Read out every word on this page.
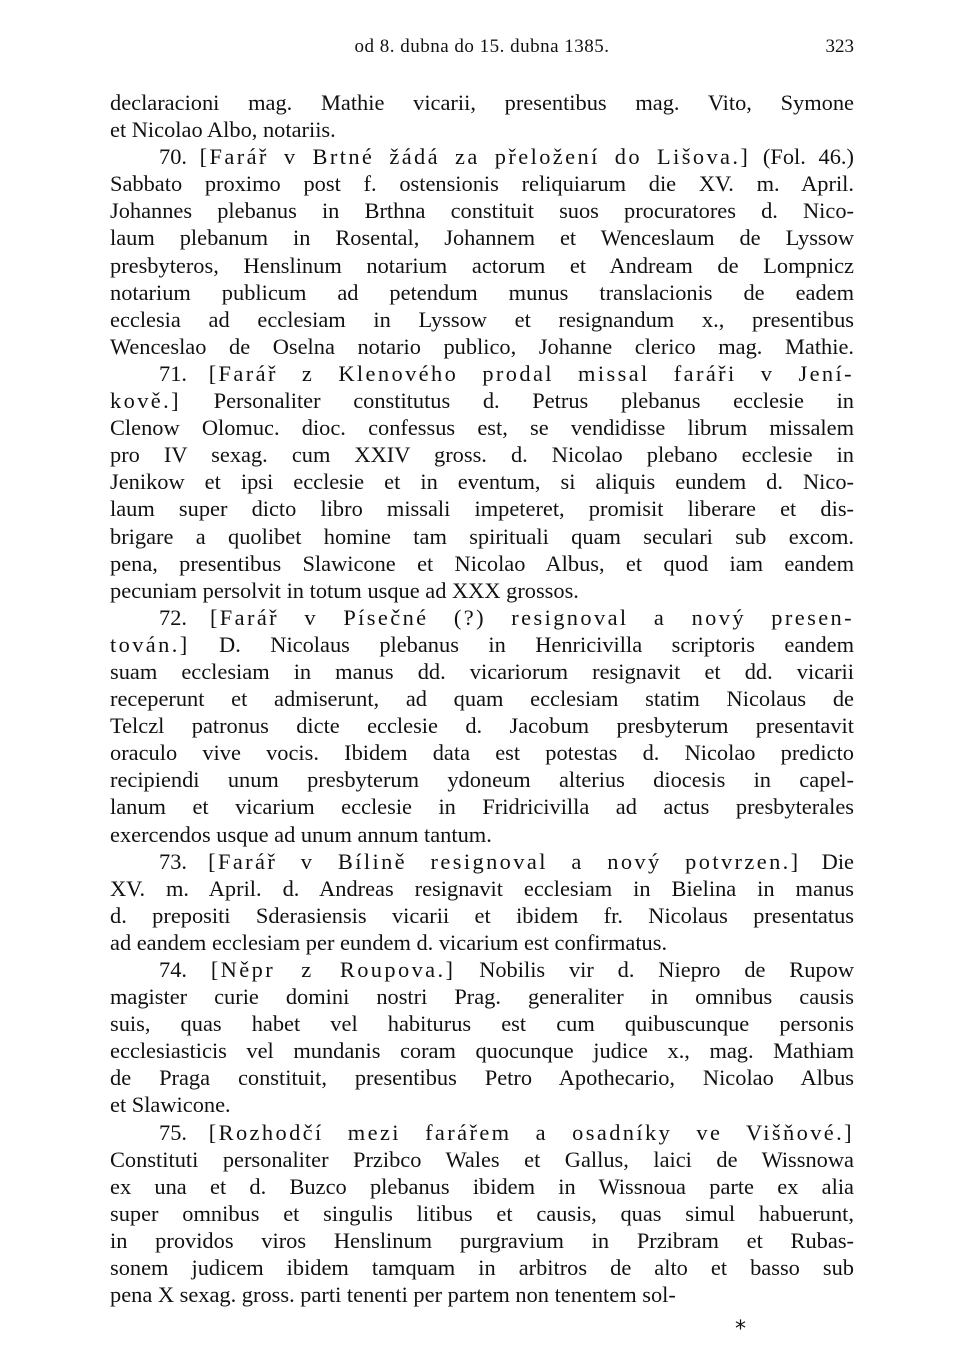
od 8. dubna do 15. dubna 1385.	323
declaracioni mag. Mathie vicarii, presentibus mag. Vito, Symone
et Nicolao Albo, notariis.
70. [Farář v Brtné žádá za přeložení do Lišova.] (Fol. 46.)
Sabbato proximo post f. ostensionis reliquiarum die XV. m. April.
Johannes plebanus in Brthna constituit suos procuratores d. Nico-
laum plebanum in Rosental, Johannem et Wenceslaum de Lyssow
presbyteros, Henslinum notarium actorum et Andream de Lompnicz
notarium publicum ad petendum munus translacionis de eadem
ecclesia ad ecclesiam in Lyssow et resignandum x., presentibus
Wenceslao de Oselna notario publico, Johanne clerico mag. Mathie.
71. [Farář z Klenového prodal missal faráři v Jení-
kově.] Personaliter constitutus d. Petrus plebanus ecclesie in
Clenow Olomuc. dioc. confessus est, se vendidisse librum missalem
pro IV sexag. cum XXIV gross. d. Nicolao plebano ecclesie in
Jenikow et ipsi ecclesie et in eventum, si aliquis eundem d. Nico-
laum super dicto libro missali impeteret, promisit liberare et dis-
brigare a quolibet homine tam spirituali quam seculari sub excom.
pena, presentibus Slawicone et Nicolao Albus, et quod iam eandem
pecuniam persolvit in totum usque ad XXX grossos.
72. [Farář v Písečné (?) resignoval a nový presen-
tován.] D. Nicolaus plebanus in Henricivilla scriptoris eandem
suam ecclesiam in manus dd. vicariorum resignavit et dd. vicarii
receperunt et admiserunt, ad quam ecclesiam statim Nicolaus de
Telczl patronus dicte ecclesie d. Jacobum presbyterum presentavit
oraculo vive vocis. Ibidem data est potestas d. Nicolao predicto
recipiendi unum presbyterum ydoneum alterius diocesis in capel-
lanum et vicarium ecclesie in Fridricivilla ad actus presbyterales
exercendos usque ad unum annum tantum.
73. [Farář v Bílině resignoval a nový potvrzen.] Die
XV. m. April. d. Andreas resignavit ecclesiam in Bielina in manus
d. prepositi Sderasiensis vicarii et ibidem fr. Nicolaus presentatus
ad eandem ecclesiam per eundem d. vicarium est confirmatus.
74. [Něpr z Roupova.] Nobilis vir d. Niepro de Rupow
magister curie domini nostri Prag. generaliter in omnibus causis
suis, quas habet vel habiturus est cum quibuscunque personis
ecclesiasticis vel mundanis coram quocunque judice x., mag. Mathiam
de Praga constituit, presentibus Petro Apothecario, Nicolao Albus
et Slawicone.
75. [Rozhodčí mezi farářem a osadníky ve Višňové.]
Constituti personaliter Przibco Wales et Gallus, laici de Wissnowa
ex una et d. Buzco plebanus ibidem in Wissnoua parte ex alia
super omnibus et singulis litibus et causis, quas simul habuerunt,
in providos viros Henslinum purgravium in Przibram et Rubas-
sonem judicem ibidem tamquam in arbitros de alto et basso sub
pena X sexag. gross. parti tenenti per partem non tenentem sol-
*
